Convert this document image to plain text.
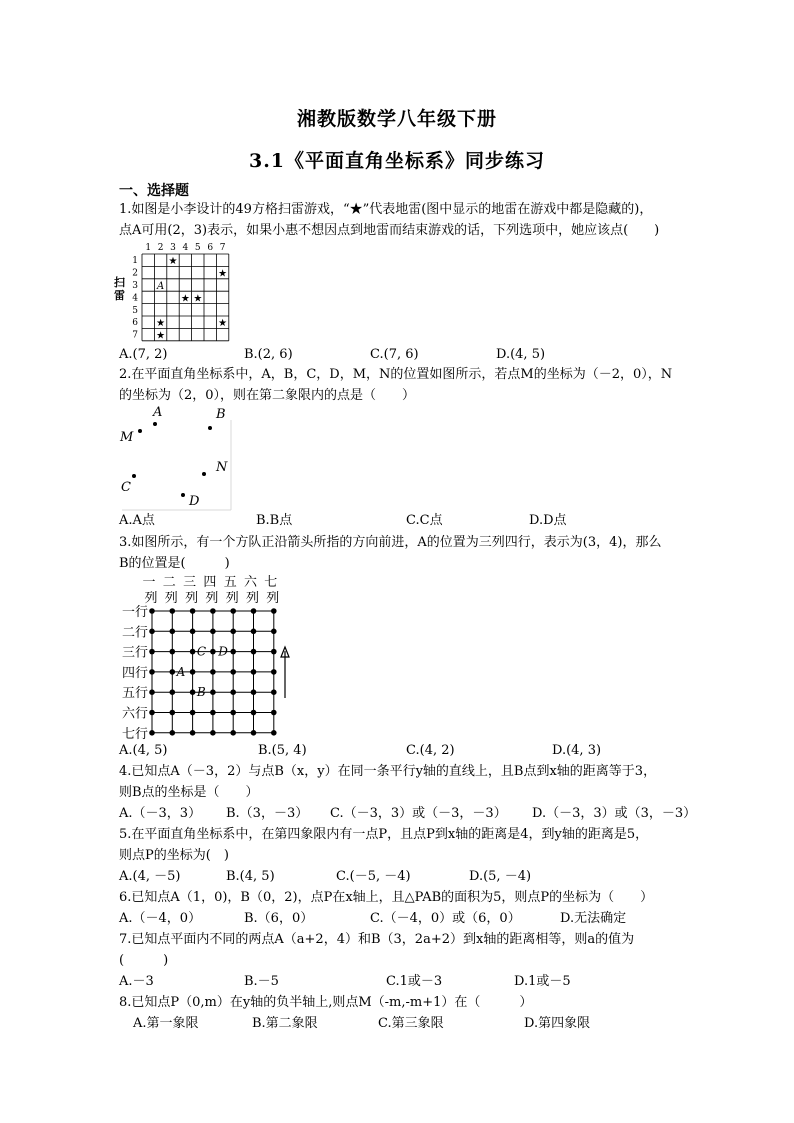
湘教版数学八年级下册
3.1《平面直角坐标系》同步练习
一、选择题
1.如图是小李设计的49方格扫雷游戏，“★”代表地雷(图中显示的地雷在游戏中都是隐藏的)，
点A可用(2，3)表示，如果小惠不想因点到地雷而结束游戏的话，下列选项中，她应该点(　　)
扫
雷
1
1
2
2
3
3
4
4
5
5
6
6
7
7
★
★
★ ★
★	★
★
A
A.(7, 2)	B.(2, 6)	C.(7, 6)	D.(4, 5)
2.在平面直角坐标系中，A，B，C，D，M，N的位置如图所示，若点M的坐标为（－2，0），N
的坐标为（2，0），则在第二象限内的点是（　　）
A	B
M
N
C
D
A.A点	B.B点	C.C点	D.D点
3.如图所示，有一个方队正沿箭头所指的方向前进，A的位置为三列四行，表示为(3，4)，那么
B的位置是(　　　)
一
列
一行
二
列
二行
三
列
三行
四
列
四行
五
列
五行
六
列
六行
七
列
七行
A
B
C D
A.(4, 5)	B.(5, 4)	C.(4, 2)	D.(4, 3)
4.已知点A（－3，2）与点B（x，y）在同一条平行y轴的直线上，且B点到x轴的距离等于3，
则B点的坐标是（　　）
A.（－3，3） B.（3，－3） C.（－3，3）或（－3，－3） D.（－3，3）或（3，－3）
5.在平面直角坐标系中，在第四象限内有一点P，且点P到x轴的距离是4，到y轴的距离是5，
则点P的坐标为(　)
A.(4, －5)	B.(4, 5)	C.(－5, －4)	D.(5, －4)
6.已知点A（1，0)，B（0，2)，点P在x轴上，且△PAB的面积为5，则点P的坐标为（　　）
A.（－4，0）	B.（6，0）	C.（－4，0）或（6，0）	D.无法确定
7.已知点平面内不同的两点A（a+2，4）和B（3，2a+2）到x轴的距离相等，则a的值为
(　　　)
A.－3	B.－5	C.1或－3	D.1或－5
8.已知点P（0,m）在y轴的负半轴上,则点M（-m,-m+1）在（　　　）
A.第一象限	B.第二象限	C.第三象限	D.第四象限
